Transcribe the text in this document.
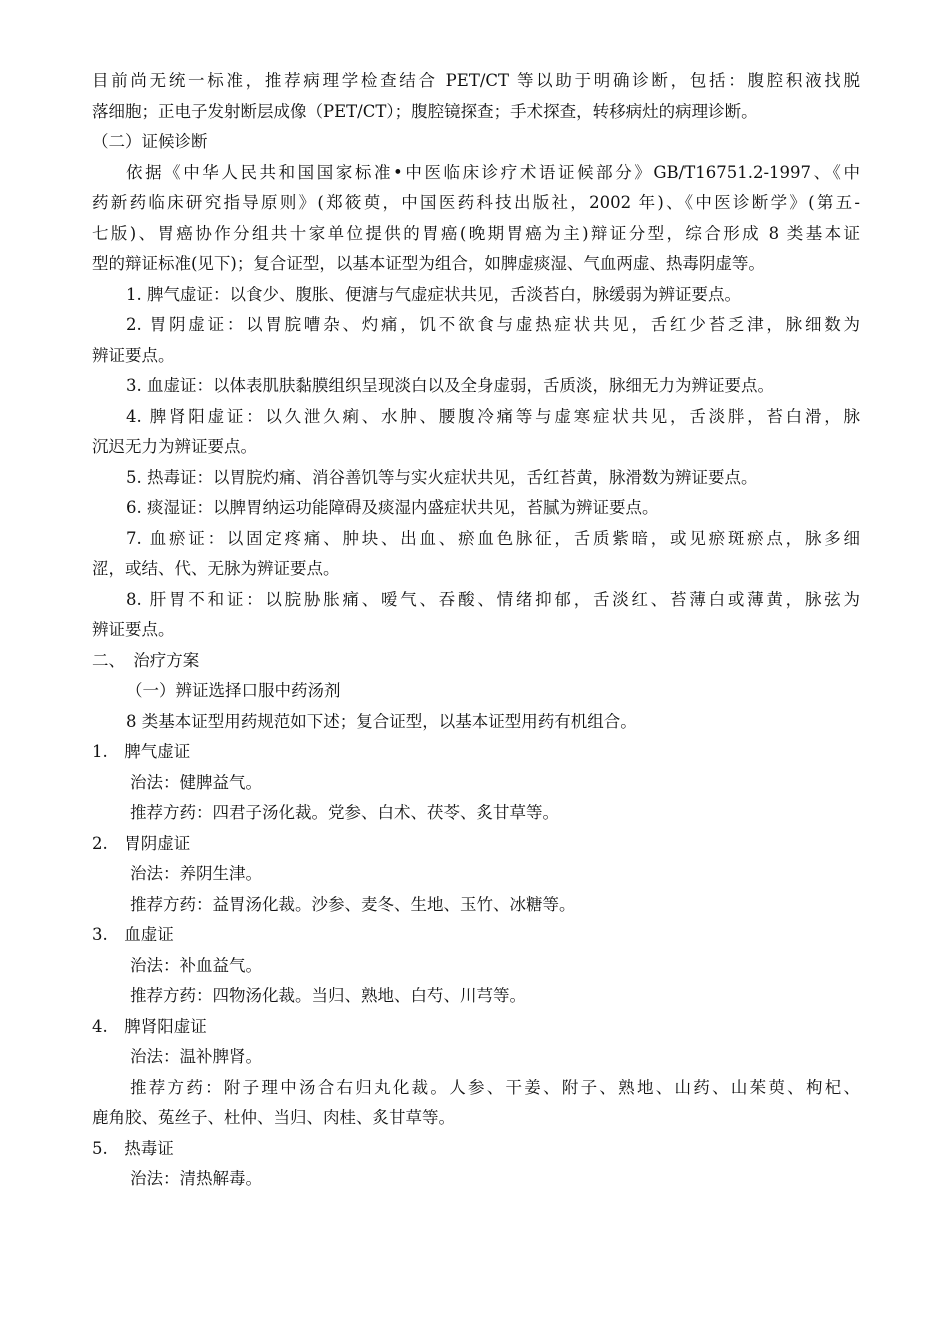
目前尚无统一标准，推荐病理学检查结合 PET/CT 等以助于明确诊断，包括：腹腔积液找脱
落细胞；正电子发射断层成像（PET/CT）；腹腔镜探查；手术探查，转移病灶的病理诊断。
（二）证候诊断
依据《中华人民共和国国家标准•中医临床诊疗术语证候部分》GB/T16751.2-1997、《中
药新药临床研究指导原则》(郑筱萸，中国医药科技出版社，2002 年)、《中医诊断学》(第五-
七版)、胃癌协作分组共十家单位提供的胃癌(晚期胃癌为主)辩证分型，综合形成 8 类基本证
型的辩证标准(见下)；复合证型，以基本证型为组合，如脾虚痰湿、气血两虚、热毒阴虚等。
1. 脾气虚证：以食少、腹胀、便溏与气虚症状共见，舌淡苔白，脉缓弱为辨证要点。
2. 胃阴虚证：以胃脘嘈杂、灼痛，饥不欲食与虚热症状共见，舌红少苔乏津，脉细数为
辨证要点。
3. 血虚证：以体表肌肤黏膜组织呈现淡白以及全身虚弱，舌质淡，脉细无力为辨证要点。
4. 脾肾阳虚证：以久泄久痢、水肿、腰腹冷痛等与虚寒症状共见，舌淡胖，苔白滑，脉
沉迟无力为辨证要点。
5. 热毒证：以胃脘灼痛、消谷善饥等与实火症状共见，舌红苔黄，脉滑数为辨证要点。
6. 痰湿证：以脾胃纳运功能障碍及痰湿内盛症状共见，苔腻为辨证要点。
7. 血瘀证：以固定疼痛、肿块、出血、瘀血色脉征，舌质紫暗，或见瘀斑瘀点，脉多细
涩，或结、代、无脉为辨证要点。
8. 肝胃不和证：以脘胁胀痛、嗳气、吞酸、情绪抑郁，舌淡红、苔薄白或薄黄，脉弦为
辨证要点。
二、　治疗方案
（一）辨证选择口服中药汤剂
8 类基本证型用药规范如下述；复合证型，以基本证型用药有机组合。
1.　脾气虚证
治法：健脾益气。
推荐方药：四君子汤化裁。党参、白术、茯苓、炙甘草等。
2.　胃阴虚证
治法：养阴生津。
推荐方药：益胃汤化裁。沙参、麦冬、生地、玉竹、冰糖等。
3.　血虚证
治法：补血益气。
推荐方药：四物汤化裁。当归、熟地、白芍、川芎等。
4.　脾肾阳虚证
治法：温补脾肾。
推荐方药：附子理中汤合右归丸化裁。人参、干姜、附子、熟地、山药、山茱萸、枸杞、
鹿角胶、菟丝子、杜仲、当归、肉桂、炙甘草等。
5.　热毒证
治法：清热解毒。
